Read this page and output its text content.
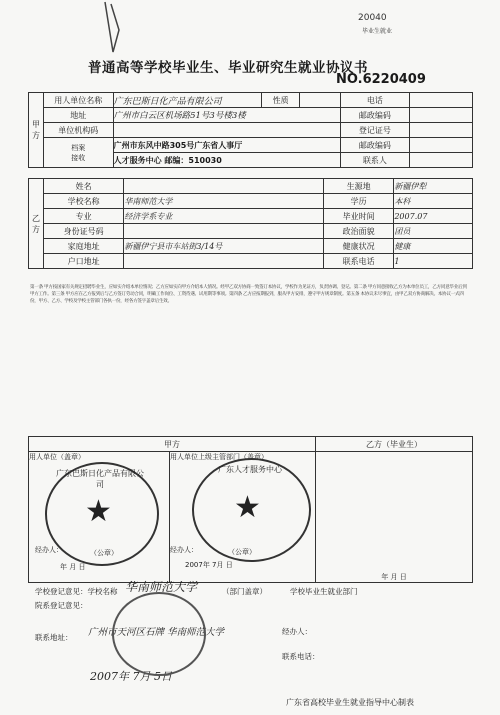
20040
毕业生就业
普通高等学校毕业生、毕业研究生就业协议书
NO.6220409
甲方	用人单位名称	广东巴斯日化产品有限公司	性质		电话	
	地址	广州市白云区机场路51号3号楼3楼			邮政编码	
	单位机构码				登记证号	
	档案
接收	广州市东风中路305号广东省人事厅			邮政编码	
		人才服务中心 邮编：510030			联系人	
乙方	姓名		生源地	新疆伊犁
	学校名称	华南师范大学	学历	本科
	专业	经济学系专业	毕业时间	2007.07
	身份证号码		政治面貌	团员
	家庭地址	新疆伊宁县市车站街3/14号	健康状况	健康
	户口地址		联系电话	1
第一条 甲方按国家有关规定招聘毕业生，应如实介绍本单位情况；乙方应如实向甲方介绍本人情况。经甲乙双方协商一致签订本协议，学校作为见证方，负责协调、登记。第二条 甲方同意接收乙方为本单位员工，乙方同意毕业后到甲方工作。第三条 甲方应在乙方报到后与乙方签订劳动合同，明确工作岗位、工资待遇、试用期等事项。第四条 乙方应按期报到，服从甲方安排，遵守甲方规章制度。第五条 本协议未尽事宜，由甲乙双方协商解决。本协议一式四份，甲方、乙方、学校及学校主管部门各执一份，经各方签字盖章后生效。
甲方		乙方（毕业生）
用人单位（盖章）	用人单位上级主管部门（盖章）	年 月 日
经办人：	（公章）
年 月 日
经办人：	（公章）
2007年 7月 日
★
广东巴斯日化产品有限公司
★
广东人才服务中心
学校登记意见：学校名称 华南师范大学	（部门盖章）	学校毕业生就业部门
院系登记意见：
经办人：
联系地址： 广州市天河区石牌 华南师范大学
联系电话：
2007年 7月 5日
广东省高校毕业生就业指导中心制表
